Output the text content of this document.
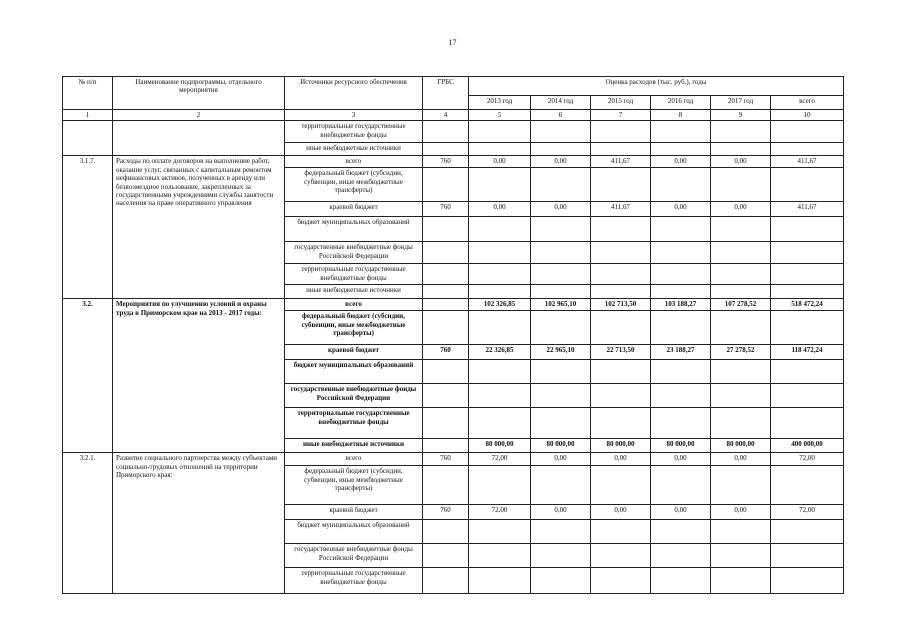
17
№ п/п	Наименование подпрограммы, отдельного мероприятия	Источники ресурсного обеспечения	ГРБС	Оценка расходов (тыс. руб.), годы					
				2013 год	2014 год	2015 год	2016 год	2017 год	всего
1	2	3	4	5	6	7	8	9	10
		территориальные государственные внебюджетные фонды							
		иные внебюджетные источники							
3.1.7.	Расходы по оплате договоров на выполнение работ, оказание услуг, связанных с капитальным ремонтом нефинансовых активов, полученных в аренду или безвозмездное пользование, закрепленных за государственными учреждениями службы занятости населения на праве оперативного управления	всего	760	0,00	0,00	411,67	0,00	0,00	411,67
		федеральный бюджет (субсидии, субвенции, иные межбюджетные трансферты)							
		краевой бюджет	760	0,00	0,00	411,67	0,00	0,00	411,67
		бюджет муниципальных образований							
		государственные внебюджетные фонды Российской Федерации							
		территориальные государственные внебюджетные фонды							
		иные внебюджетные источники							
3.2.	Мероприятия по улучшению условий и охраны труда в Приморском крае на 2013 - 2017 годы:	всего		102 326,85	102 965,10	102 713,50	103 188,27	107 278,52	518 472,24
		федеральный бюджет (субсидии, субвенции, иные межбюджетные трансферты)							
		краевой бюджет	760	22 326,85	22 965,10	22 713,50	23 188,27	27 278,52	118 472,24
		бюджет муниципальных образований							
		государственные внебюджетные фонды Российской Федерации							
		территориальные государственные внебюджетные фонды							
		иные внебюджетные источники		80 000,00	80 000,00	80 000,00	80 000,00	80 000,00	400 000,00
3.2.1.	Развитие социального партнерства между субъектами социально-трудовых отношений на территории Приморского края:	всего	760	72,00	0,00	0,00	0,00	0,00	72,00
		федеральный бюджет (субсидии, субвенции, иные межбюджетные трансферты)							
		краевой бюджет	760	72,00	0,00	0,00	0,00	0,00	72,00
		бюджет муниципальных образований							
		государственные внебюджетные фонды Российской Федерации							
		территориальные государственные внебюджетные фонды							
